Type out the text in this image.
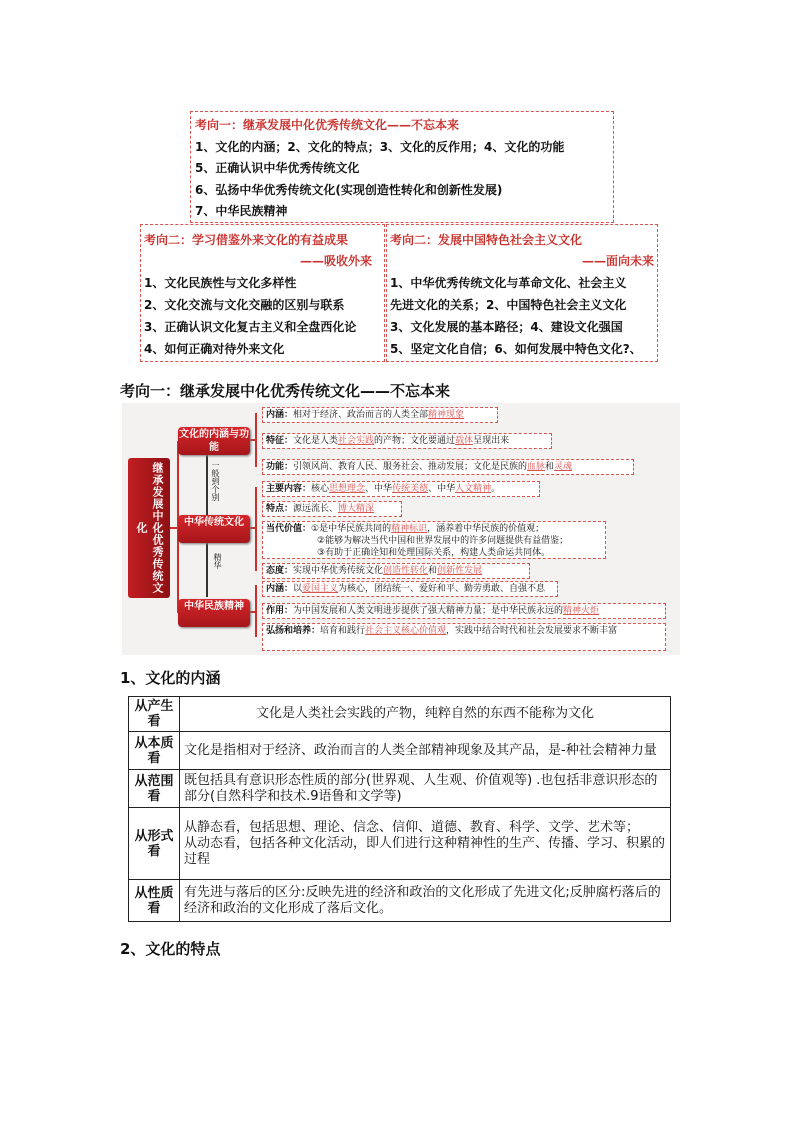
考向一：继承发展中化优秀传统文化——不忘本来
1、文化的内涵；2、文化的特点；3、文化的反作用；4、文化的功能
5、正确认识中华优秀传统文化
6、弘扬中华优秀传统文化(实现创造性转化和创新性发展)
7、中华民族精神
考向二：学习借鉴外来文化的有益成果
——吸收外来
1、文化民族性与文化多样性
2、文化交流与文化交融的区别与联系
3、正确认识文化复古主义和全盘西化论
4、如何正确对待外来文化
考向二：发展中国特色社会主义文化
——面向未来
1、中华优秀传统文化与革命文化、社会主义
先进文化的关系；2、中国特色社会主义文化
3、文化发展的基本路径；4、建设文化强国
5、坚定文化自信；6、如何发展中特色文化?、
考向一：继承发展中化优秀传统文化——不忘本来
继承发展中化优秀传统文化
文化的内涵与功能
中华传统文化
中华民族精神
一般到个别
精华
内涵：相对于经济、政治而言的人类全部精神现象
特征：文化是人类社会实践的产物；文化要通过载体呈现出来
功能：引领风尚、教育人民、服务社会、推动发展；文化是民族的血脉和灵魂
主要内容：核心思想理念、中华传统美德、中华人文精神。
特点：源远流长、博大精深
当代价值：①是中华民族共同的精神标识，涵养着中华民族的价值观；
②能够为解决当代中国和世界发展中的许多问题提供有益借鉴；
③有助于正确诠知和处理国际关系，构建人类命运共同体。
态度：实现中华优秀传统文化创造性转化和创新性发展
内涵：以爱国主义为核心，团结统一、爱好和平、勤劳勇敢、自强不息
作用：为中国发展和人类文明进步提供了强大精神力量；是中华民族永远的精神火炬
弘扬和培养：培育和践行社会主义核心价值观，实践中结合时代和社会发展要求不断丰富
1、文化的内涵
从产生看	文化是人类社会实践的产物，纯粹自然的东西不能称为文化
从本质看	文化是指相对于经济、政治而言的人类全部精神现象及其产品，是-种社会精神力量
从范围看	既包括具有意识形态性质的部分(世界观、人生观、价值观等) .也包括非意识形态的部分(自然科学和技术.9语鲁和文学等)
从形式看	从静态看，包括思想、理论、信念、信仰、道德、教育、科学、文学、艺术等；
从动态看，包括各种文化活动，即人们进行这种精神性的生产、传播、学习、积累的过程

从性质看	有先进与落后的区分:反映先进的经济和政治的文化形成了先进文化;反肿腐朽落后的经济和政治的文化形成了落后文化。
2、文化的特点
